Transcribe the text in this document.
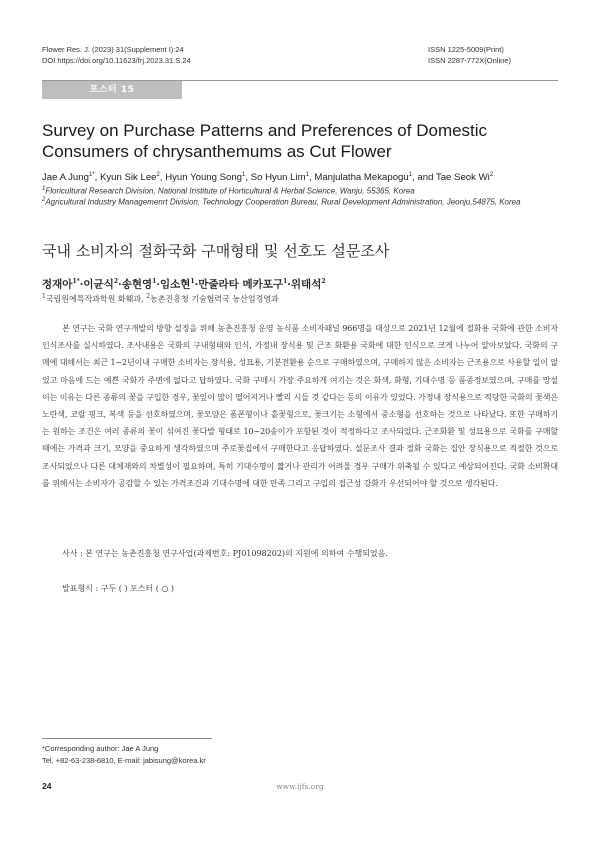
Flower Res. J. (2023) 31(Supplement I):24
DOI https://doi.org/10.11623/frj.2023.31.S.24
ISSN 1225-5009(Print)
ISSN 2287-772X(Online)
포스터 15
Survey on Purchase Patterns and Preferences of Domestic Consumers of chrysanthemums as Cut Flower
Jae A Jung$^{1*}$, Kyun Sik Lee$^2$, Hyun Young Song$^1$, So Hyun Lim$^1$, Manjulatha Mekapogu$^1$, and Tae Seok Wi$^2$
$^1$Floricultural Research Division, National Institute of Horticultural & Herbal Science, Wanju, 55365, Korea
$^2$Agricultural Industry Managemenrt Division, Technology Cooperation Bureau, Rural Development Administration, Jeonju,54875, Korea
국내 소비자의 절화국화 구매형태 및 선호도 설문조사
정재아$^{1*}$·이균식$^2$·송현영$^1$·임소현$^1$·만줄라타 메카포구$^1$·위태석$^2$
$^1$국립원예특작과학원 화훼과, $^2$농촌진흥청 기술협력국 농산업경영과
본 연구는 국화 연구개발의 방향 설정을 위해 농촌진흥청 운영 농식품 소비자패널 966명을 대상으로 2021년 12월에 절화용 국화에 관한 소비자 인식조사를 실시하였다. 조사내용은 국화의 구내형태와 인식, 가정내 장식용 및 근조 화환용 국화에 대한 인식으로 크게 나누어 알아보았다. 국화의 구매에 대해서는 최근 1~2년이내 구매한 소비자는 장식용, 성묘용, 기분전환용 순으로 구매하였으며, 구매하지 않은 소비자는 근조용으로 사용할 일이 없었고 마음에 드는 예쁜 국화가 주변에 없다고 답하였다. 국화 구매시 가장 주요하게 여기는 것은 화색, 화형, 기대수명 등 품종정보였으며, 구매를 망설이는 이유는 다른 종류의 꽃을 구입한 경우, 꽃잎이 많이 떨어지거나 빨리 시들 것 같다는 등의 이유가 있었다. 가정내 장식용으로 적당한 국화의 꽃색은 노란색, 코랄 핑크, 복색 등을 선호하였으며, 꽃모양은 폼폰형이나 홑꽃형으로, 꽃크기는 소형에서 중소형을 선호하는 것으로 나타났다. 또한 구매하기는 원하는 조건은 여러 종류의 꽃이 섞여진 꽃다발 형태로 10~20송이가 포함된 것이 적정하다고 조사되었다. 근조화환 및 성묘용으로 국화를 구매할 때에는 가격과 크기, 모양을 중요하게 생각하였으며 주로꽃집에서 구매한다고 응답하였다. 설문조사 결과 절화 국화는 집안 장식용으로 적절한 것으로 조사되었으나 다른 대체재와의 차별성이 필요하며, 특히 기대수명이 짧거나 관리가 어려울 경우 구매가 위축될 수 있다고 예상되어진다. 국화 소비확대를 위해서는 소비자가 공감할 수 있는 가격조건과 기대수명에 대한 만족 그리고 구입의 접근성 강화가 우선되어야 할 것으로 생각된다.
사사 : 본 연구는 농촌진흥청 연구사업(과제번호: PJ01098202)의 지원에 의하여 수행되었음.
발표형식 : 구두 ( ) 포스터 ( ○ )
*Corresponding author: Jae A Jung
Tel, +82-63-238-6810, E-mail: jabisung@korea.kr
24	www.ijfs.org
